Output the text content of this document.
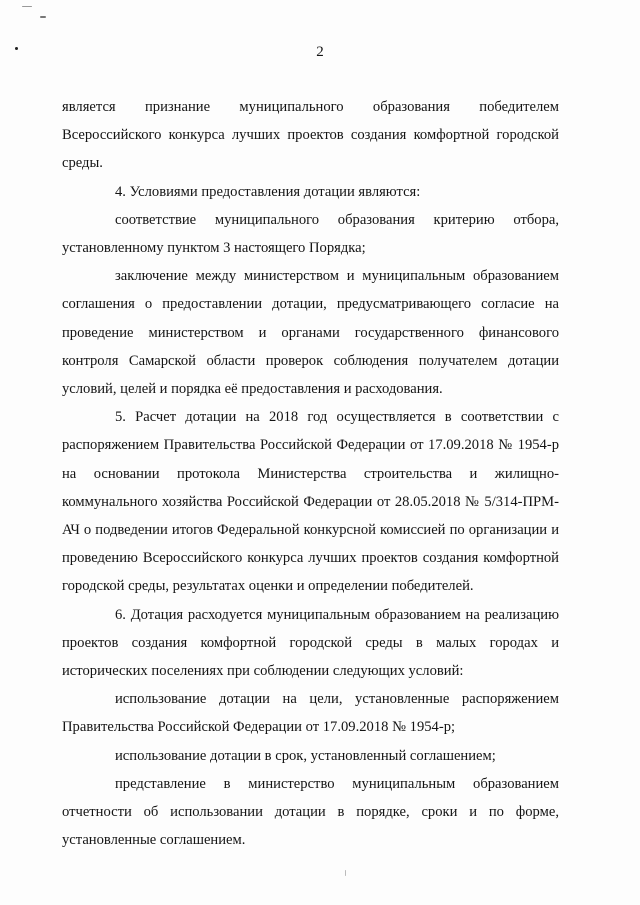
2

является признание муниципального образования победителем Всероссийского конкурса лучших проектов создания комфортной городской среды.

4. Условиями предоставления дотации являются:

соответствие муниципального образования критерию отбора, установленному пунктом 3 настоящего Порядка;

заключение между министерством и муниципальным образованием соглашения о предоставлении дотации, предусматривающего согласие на проведение министерством и органами государственного финансового контроля Самарской области проверок соблюдения получателем дотации условий, целей и порядка её предоставления и расходования.

5. Расчет дотации на 2018 год осуществляется в соответствии с распоряжением Правительства Российской Федерации от 17.09.2018 № 1954-р на основании протокола Министерства строительства и жилищно-коммунального хозяйства Российской Федерации от 28.05.2018 № 5/314-ПРМ-АЧ о подведении итогов Федеральной конкурсной комиссией по организации и проведению Всероссийского конкурса лучших проектов создания комфортной городской среды, результатах оценки и определении победителей.

6. Дотация расходуется муниципальным образованием на реализацию проектов создания комфортной городской среды в малых городах и исторических поселениях при соблюдении следующих условий:

использование дотации на цели, установленные распоряжением Правительства Российской Федерации от 17.09.2018 № 1954-р;

использование дотации в срок, установленный соглашением;

представление в министерство муниципальным образованием отчетности об использовании дотации в порядке, сроки и по форме, установленные соглашением.
